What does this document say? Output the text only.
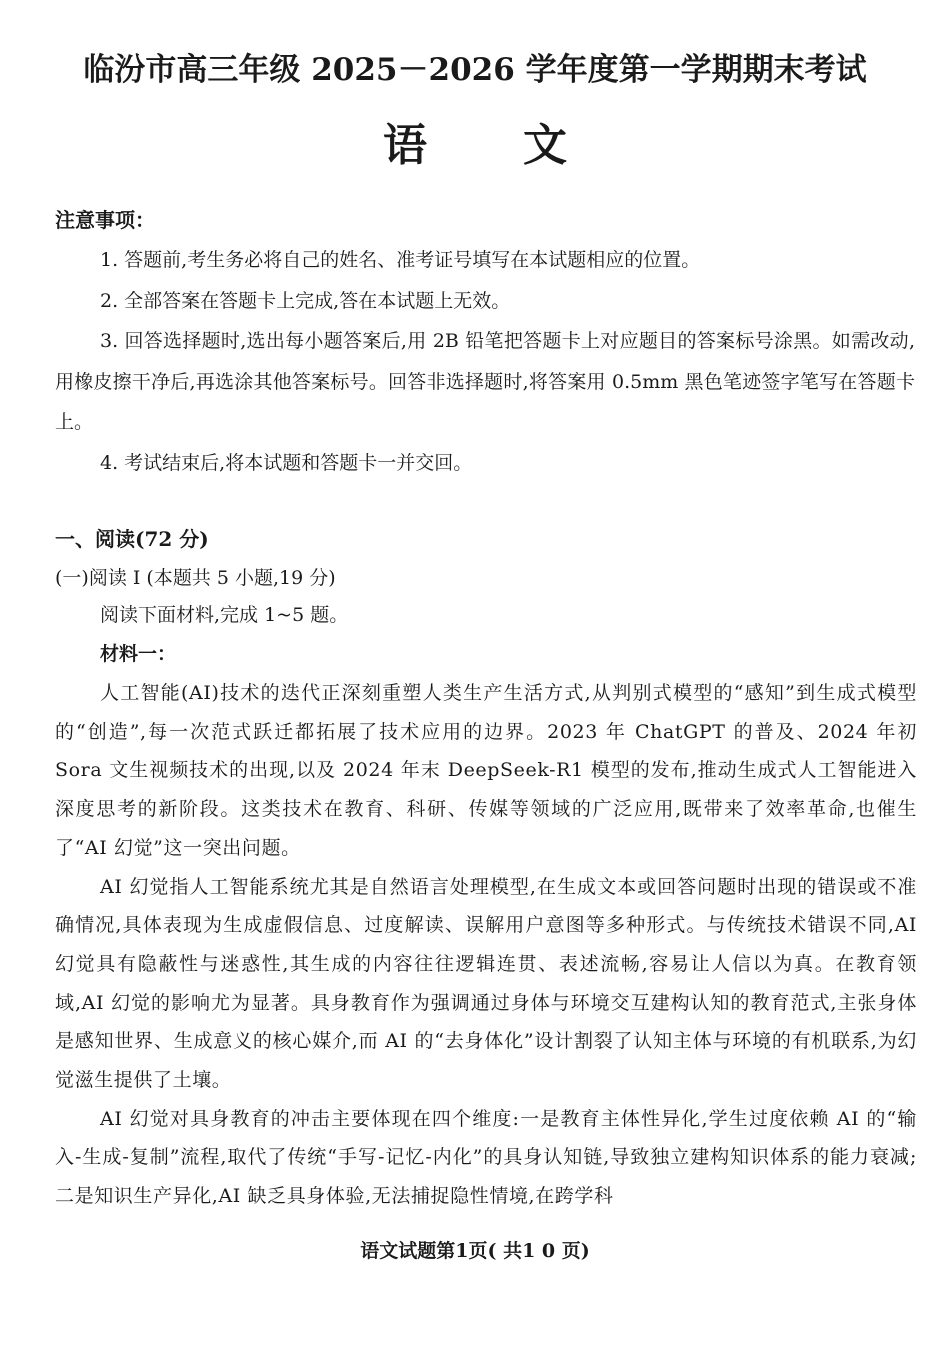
临汾市高三年级 2025－2026 学年度第一学期期末考试
语文
注意事项：

1. 答题前,考生务必将自己的姓名、准考证号填写在本试题相应的位置。

2. 全部答案在答题卡上完成,答在本试题上无效。

3. 回答选择题时,选出每小题答案后,用 2B 铅笔把答题卡上对应题目的答案标号涂黑。如需改动,用橡皮擦干净后,再选涂其他答案标号。回答非选择题时,将答案用 0.5mm 黑色笔迹签字笔写在答题卡上。

4. 考试结束后,将本试题和答题卡一并交回。

一、阅读(72 分)
(一)阅读 I (本题共 5 小题,19 分)
阅读下面材料,完成 1~5 题。
材料一：

人工智能(AI)技术的迭代正深刻重塑人类生产生活方式,从判别式模型的“感知”到生成式模型的“创造”,每一次范式跃迁都拓展了技术应用的边界。2023 年 ChatGPT 的普及、2024 年初 Sora 文生视频技术的出现,以及 2024 年末 DeepSeek-R1 模型的发布,推动生成式人工智能进入深度思考的新阶段。这类技术在教育、科研、传媒等领域的广泛应用,既带来了效率革命,也催生了“AI 幻觉”这一突出问题。

AI 幻觉指人工智能系统尤其是自然语言处理模型,在生成文本或回答问题时出现的错误或不准确情况,具体表现为生成虚假信息、过度解读、误解用户意图等多种形式。与传统技术错误不同,AI 幻觉具有隐蔽性与迷惑性,其生成的内容往往逻辑连贯、表述流畅,容易让人信以为真。在教育领域,AI 幻觉的影响尤为显著。具身教育作为强调通过身体与环境交互建构认知的教育范式,主张身体是感知世界、生成意义的核心媒介,而 AI 的“去身体化”设计割裂了认知主体与环境的有机联系,为幻觉滋生提供了土壤。

AI 幻觉对具身教育的冲击主要体现在四个维度:一是教育主体性异化,学生过度依赖 AI 的“输入-生成-复制”流程,取代了传统“手写-记忆-内化”的具身认知链,导致独立建构知识体系的能力衰减;二是知识生产异化,AI 缺乏具身体验,无法捕捉隐性情境,在跨学科

语文试题第1页( 共1 0 页)
